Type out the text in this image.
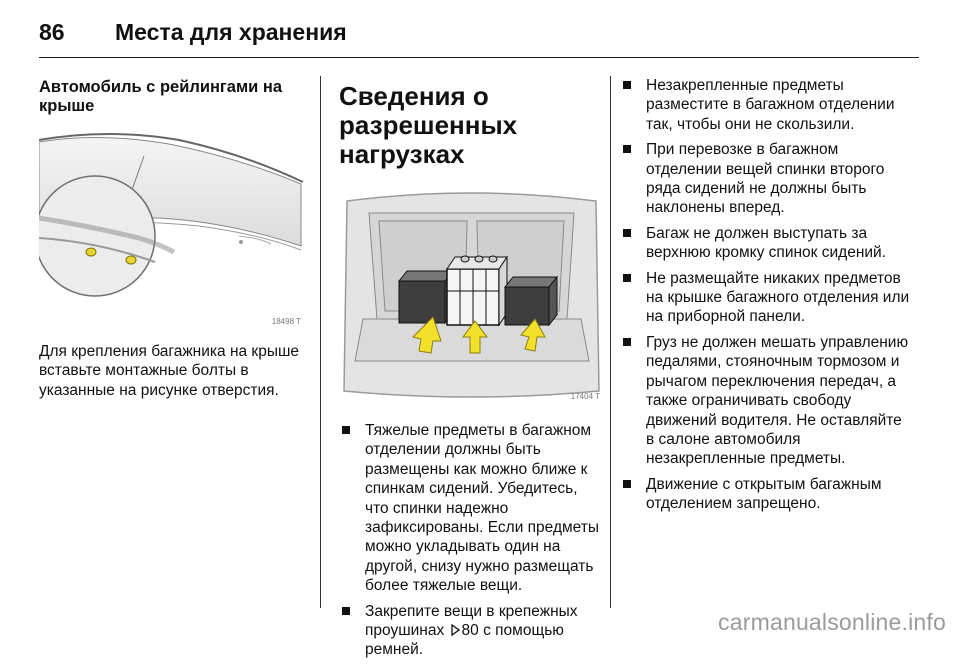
86	Места для хранения
Автомобиль с рейлингами на крыше
18498 T

Для крепления багажника на крыше вставьте монтажные болты в указанные на рисунке отверстия.

Сведения о разрешенных нагрузках
17404 T
Тяжелые предметы в багажном отделении должны быть размещены как можно ближе к спинкам сидений. Убедитесь, что спинки надежно зафиксированы. Если предметы можно укладывать один на другой, снизу нужно размещать более тяжелые вещи.
Закрепите вещи в крепежных проушинах 80 с помощью ремней.
Незакрепленные предметы разместите в багажном отделении так, чтобы они не скользили.
При перевозке в багажном отделении вещей спинки второго ряда сидений не должны быть наклонены вперед.
Багаж не должен выступать за верхнюю кромку спинок сидений.
Не размещайте никаких предметов на крышке багажного отделения или на приборной панели.
Груз не должен мешать управлению педалями, стояночным тормозом и рычагом переключения передач, а также ограничивать свободу движений водителя. Не оставляйте в салоне автомобиля незакрепленные предметы.
Движение с открытым багажным отделением запрещено.
carmanualsonline.info
